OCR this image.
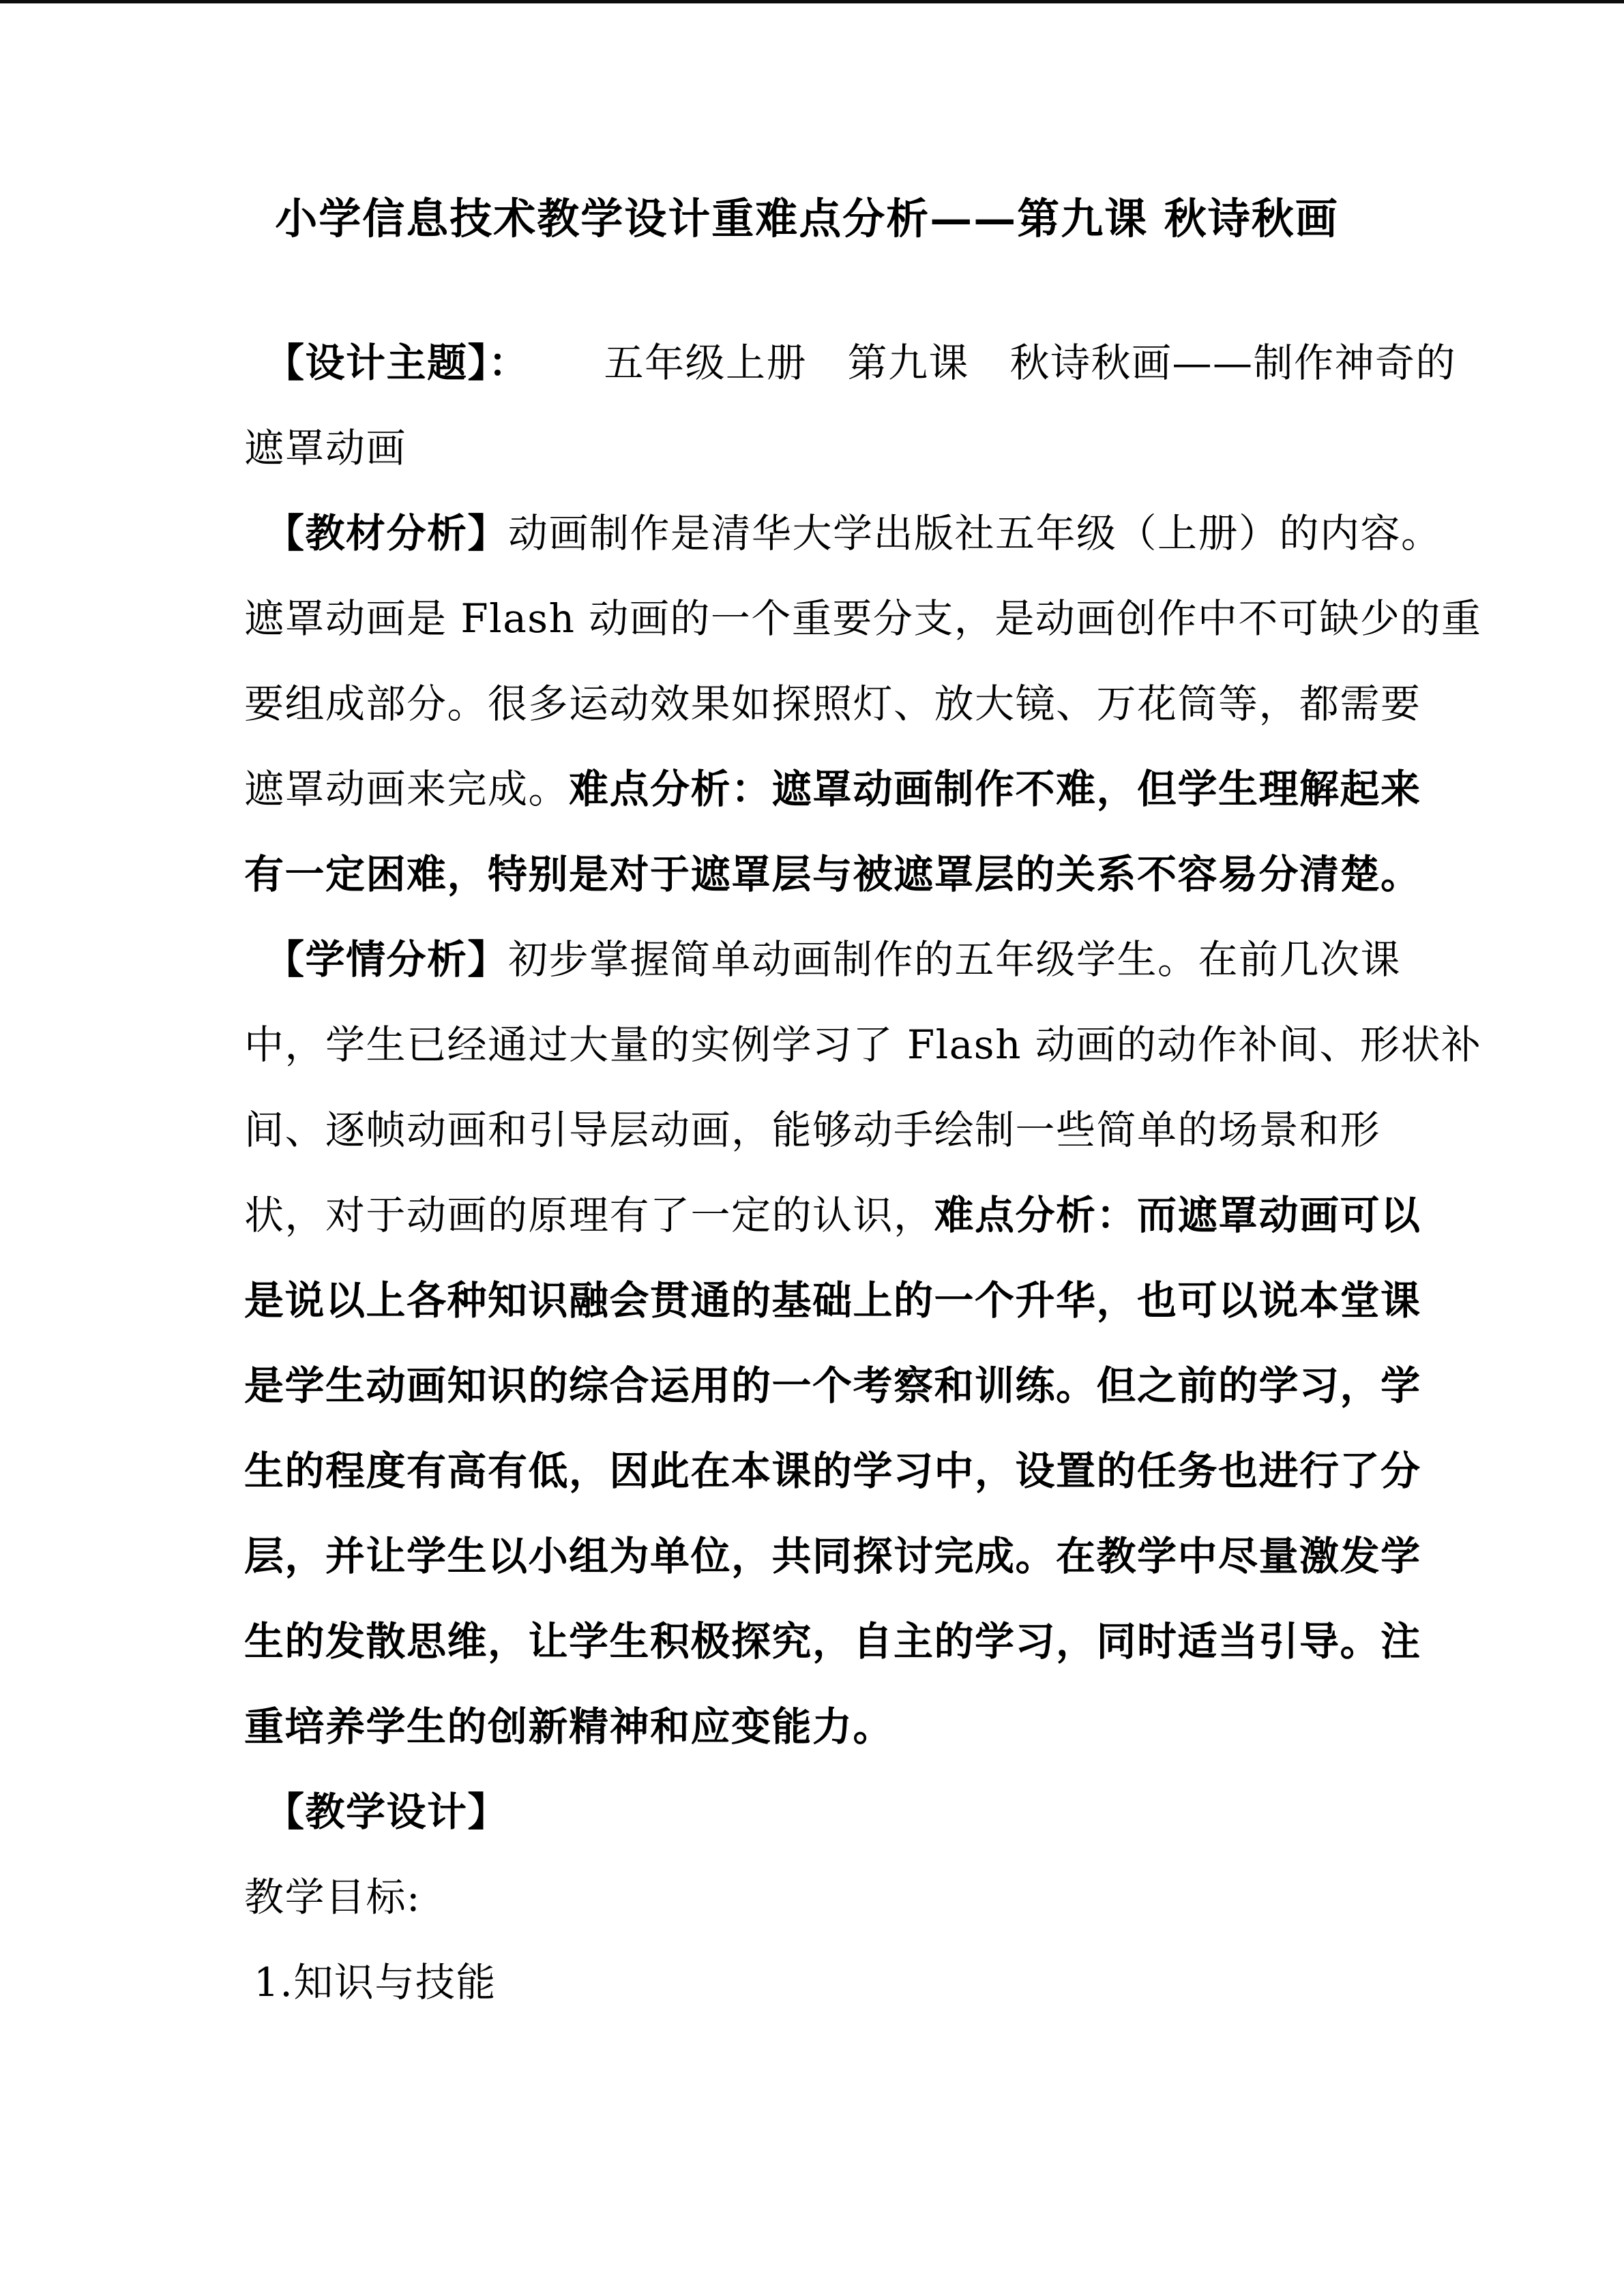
小学信息技术教学设计重难点分析——第九课 秋诗秋画
【设计主题】：　　 五年级上册　第九课　秋诗秋画——制作神奇的
遮罩动画
【教材分析】动画制作是清华大学出版社五年级（上册）的内容。
遮罩动画是 Flash 动画的一个重要分支，是动画创作中不可缺少的重
要组成部分。很多运动效果如探照灯、放大镜、万花筒等，都需要
遮罩动画来完成。难点分析：遮罩动画制作不难，但学生理解起来
有一定困难，特别是对于遮罩层与被遮罩层的关系不容易分清楚。
【学情分析】初步掌握简单动画制作的五年级学生。在前几次课
中，学生已经通过大量的实例学习了 Flash 动画的动作补间、形状补
间、逐帧动画和引导层动画，能够动手绘制一些简单的场景和形
状，对于动画的原理有了一定的认识，难点分析：而遮罩动画可以
是说以上各种知识融会贯通的基础上的一个升华，也可以说本堂课
是学生动画知识的综合运用的一个考察和训练。但之前的学习，学
生的程度有高有低，因此在本课的学习中，设置的任务也进行了分
层，并让学生以小组为单位，共同探讨完成。在教学中尽量激发学
生的发散思维，让学生积极探究，自主的学习，同时适当引导。注
重培养学生的创新精神和应变能力。
【教学设计】
教学目标:
1.知识与技能
